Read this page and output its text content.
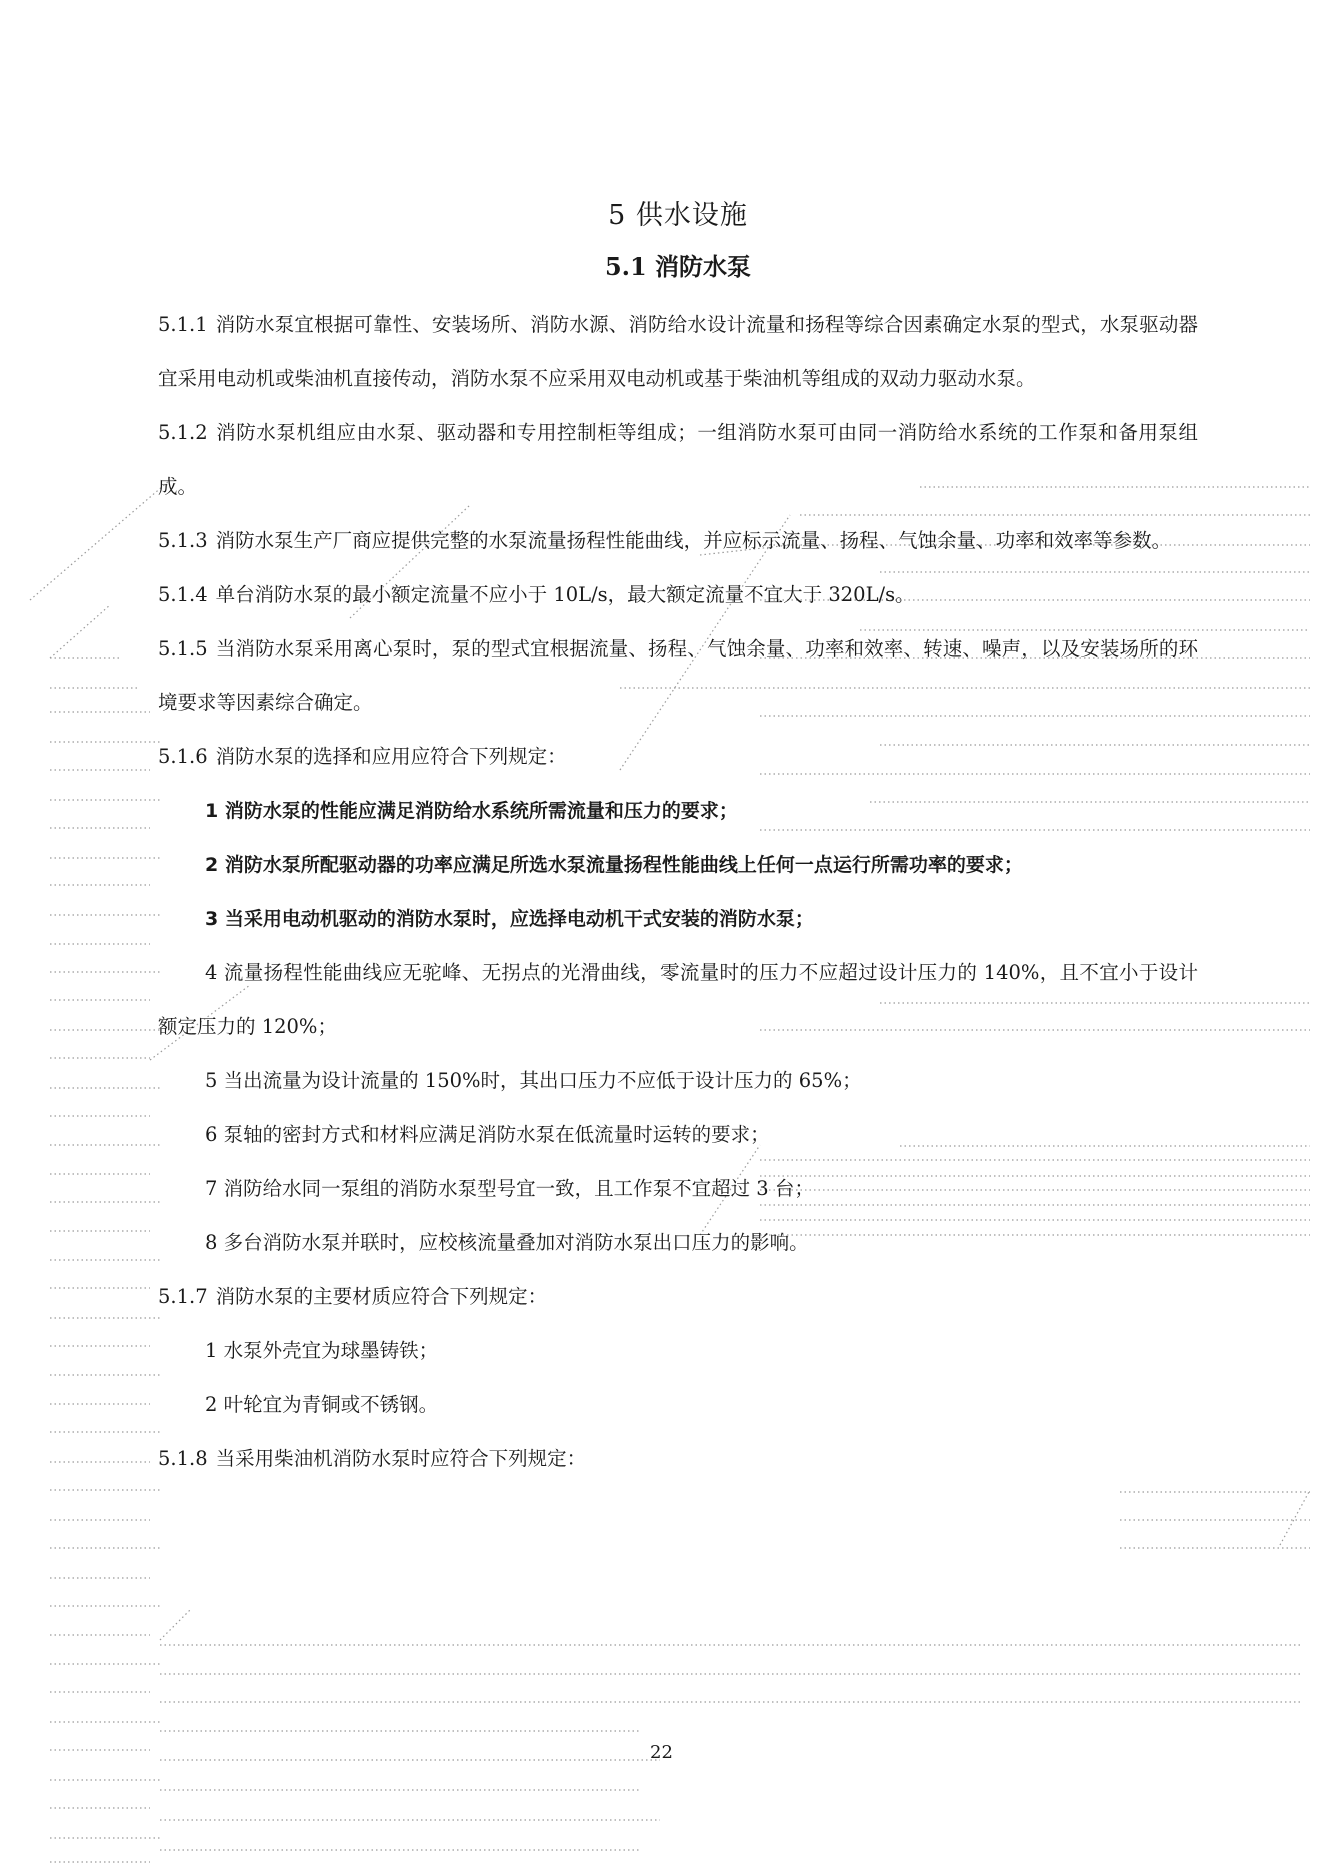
5 供水设施
5.1 消防水泵

5.1.1 消防水泵宜根据可靠性、安装场所、消防水源、消防给水设计流量和扬程等综合因素确定水泵的型式，水泵驱动器宜采用电动机或柴油机直接传动，消防水泵不应采用双电动机或基于柴油机等组成的双动力驱动水泵。

5.1.2 消防水泵机组应由水泵、驱动器和专用控制柜等组成；一组消防水泵可由同一消防给水系统的工作泵和备用泵组成。

5.1.3 消防水泵生产厂商应提供完整的水泵流量扬程性能曲线，并应标示流量、扬程、气蚀余量、功率和效率等参数。

5.1.4 单台消防水泵的最小额定流量不应小于 10L/s，最大额定流量不宜大于 320L/s。

5.1.5 当消防水泵采用离心泵时，泵的型式宜根据流量、扬程、气蚀余量、功率和效率、转速、噪声，以及安装场所的环境要求等因素综合确定。

5.1.6 消防水泵的选择和应用应符合下列规定：

1 消防水泵的性能应满足消防给水系统所需流量和压力的要求；

2 消防水泵所配驱动器的功率应满足所选水泵流量扬程性能曲线上任何一点运行所需功率的要求；

3 当采用电动机驱动的消防水泵时，应选择电动机干式安装的消防水泵；

4 流量扬程性能曲线应无驼峰、无拐点的光滑曲线，零流量时的压力不应超过设计压力的 140%，且不宜小于设计额定压力的 120%；

5 当出流量为设计流量的 150%时，其出口压力不应低于设计压力的 65%；

6 泵轴的密封方式和材料应满足消防水泵在低流量时运转的要求；

7 消防给水同一泵组的消防水泵型号宜一致，且工作泵不宜超过 3 台；

8 多台消防水泵并联时，应校核流量叠加对消防水泵出口压力的影响。

5.1.7 消防水泵的主要材质应符合下列规定：

1 水泵外壳宜为球墨铸铁；

2 叶轮宜为青铜或不锈钢。

5.1.8 当采用柴油机消防水泵时应符合下列规定：

22
